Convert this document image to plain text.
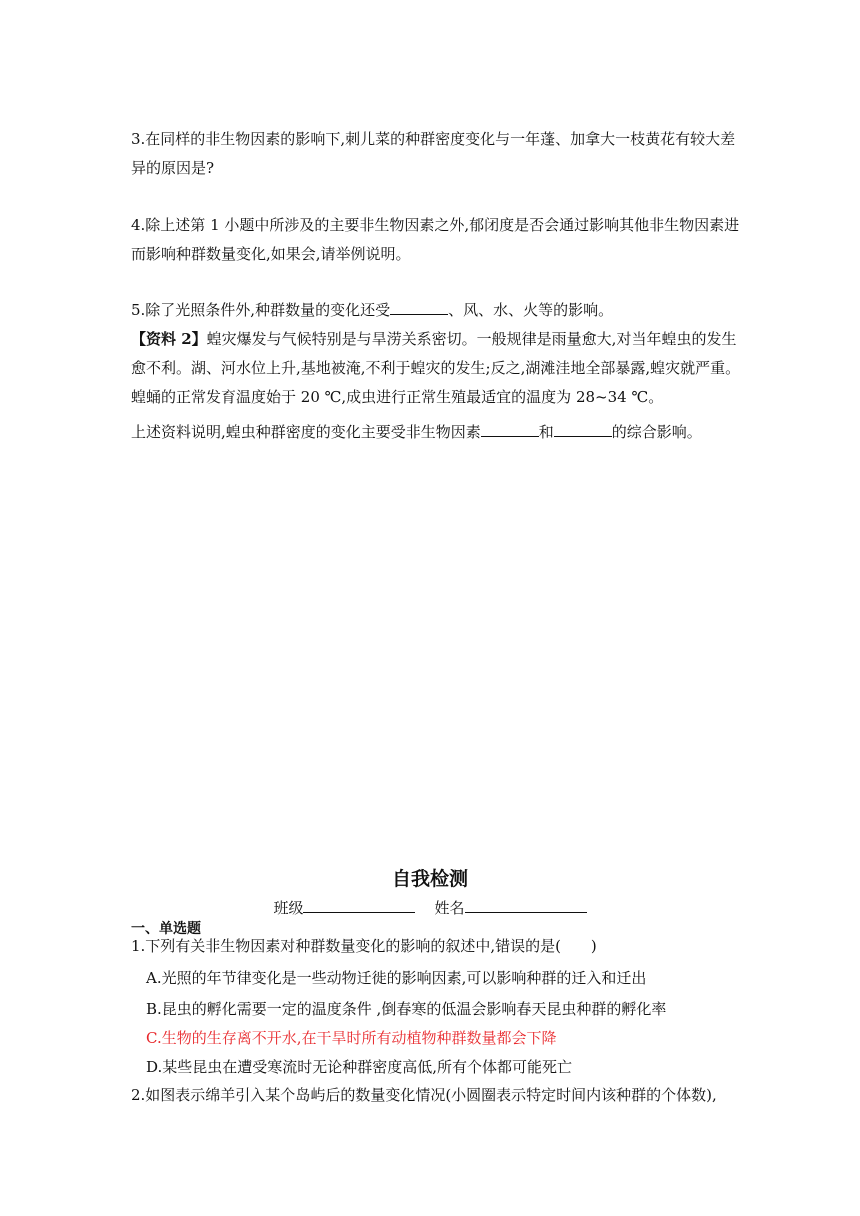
3.在同样的非生物因素的影响下,刺儿菜的种群密度变化与一年蓬、加拿大一枝黄花有较大差异的原因是?

4.除上述第 1 小题中所涉及的主要非生物因素之外,郁闭度是否会通过影响其他非生物因素进而影响种群数量变化,如果会,请举例说明。

5.除了光照条件外,种群数量的变化还受	、风、水、火等的影响。

【资料 2】蝗灾爆发与气候特别是与旱涝关系密切。一般规律是雨量愈大,对当年蝗虫的发生愈不利。湖、河水位上升,基地被淹,不利于蝗灾的发生;反之,湖滩洼地全部暴露,蝗灾就严重。蝗蛹的正常发育温度始于 20 ℃,成虫进行正常生殖最适宜的温度为 28~34 ℃。

上述资料说明,蝗虫种群密度的变化主要受非生物因素	和	的综合影响。

自我检测
班级	姓名
一、单选题

1.下列有关非生物因素对种群数量变化的影响的叙述中,错误的是(　　)

A.光照的年节律变化是一些动物迁徙的影响因素,可以影响种群的迁入和迁出

B.昆虫的孵化需要一定的温度条件 ,倒春寒的低温会影响春天昆虫种群的孵化率

C.生物的生存离不开水,在干旱时所有动植物种群数量都会下降

D.某些昆虫在遭受寒流时无论种群密度高低,所有个体都可能死亡

2.如图表示绵羊引入某个岛屿后的数量变化情况(小圆圈表示特定时间内该种群的个体数),
